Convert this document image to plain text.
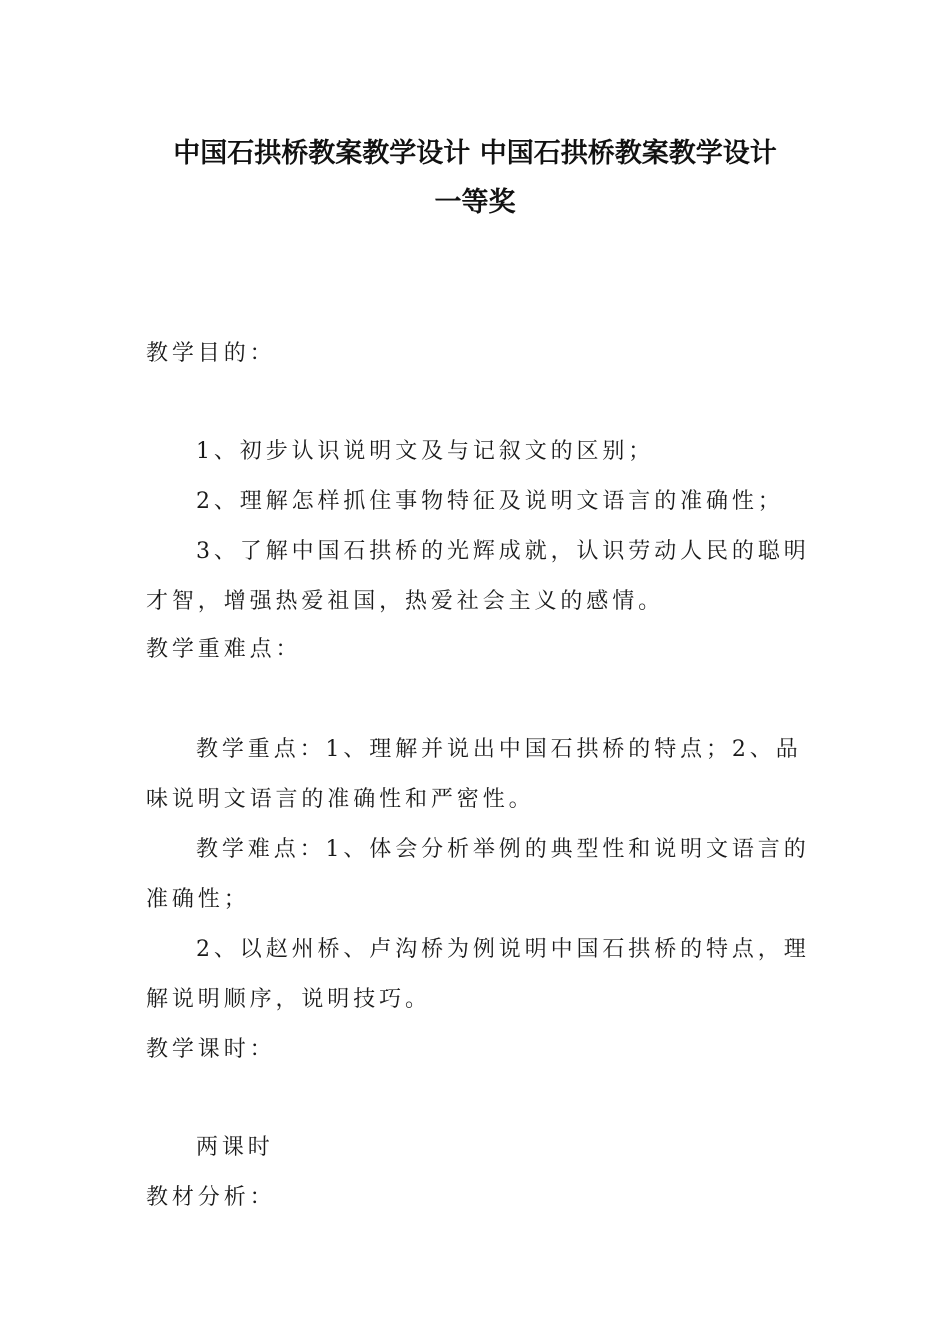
中国石拱桥教案教学设计 中国石拱桥教案教学设计
一等奖
教学目的：
1、初步认识说明文及与记叙文的区别；
2、理解怎样抓住事物特征及说明文语言的准确性；
3、了解中国石拱桥的光辉成就，认识劳动人民的聪明
才智，增强热爱祖国，热爱社会主义的感情。
教学重难点：
教学重点：1、理解并说出中国石拱桥的特点；2、品
味说明文语言的准确性和严密性。
教学难点：1、体会分析举例的典型性和说明文语言的
准确性；
2、以赵州桥、卢沟桥为例说明中国石拱桥的特点，理
解说明顺序，说明技巧。
教学课时：
两课时
教材分析：
